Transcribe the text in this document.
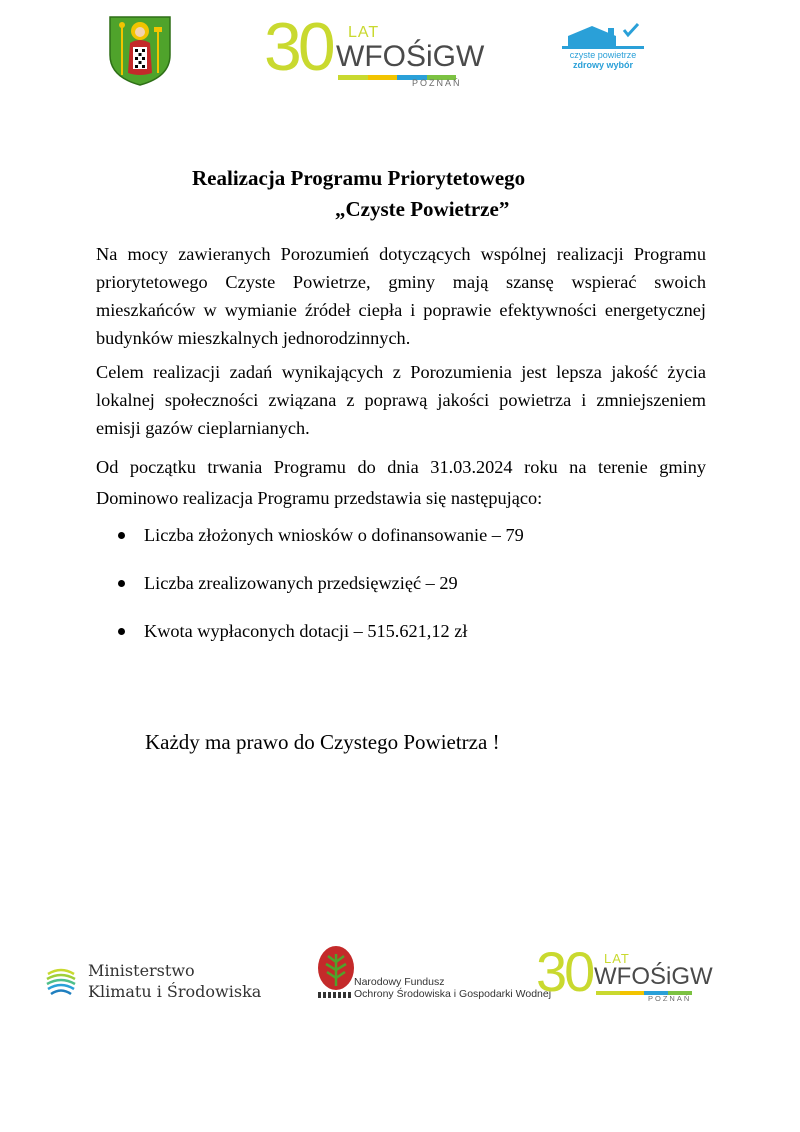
30 LAT
WFOŚiGW
POZNAŃ
czyste powietrze
zdrowy wybór
Realizacja Programu Priorytetowego
„Czyste Powietrze”
Na mocy zawieranych Porozumień dotyczących wspólnej realizacji Programu priorytetowego Czyste Powietrze, gminy mają szansę wspierać swoich mieszkańców w wymianie źródeł ciepła i poprawie efektywności energetycznej budynków mieszkalnych jednorodzinnych.
Celem realizacji zadań wynikających z Porozumienia jest lepsza jakość życia lokalnej społeczności związana z poprawą jakości powietrza i zmniejszeniem emisji gazów cieplarnianych.
Od początku trwania Programu do dnia 31.03.2024 roku na terenie gminy Dominowo realizacja Programu przedstawia się następująco:
Liczba złożonych wniosków o dofinansowanie – 79
Liczba zrealizowanych przedsięwzięć – 29
Kwota wypłaconych dotacji – 515.621,12 zł
Każdy ma prawo do Czystego Powietrza !
Ministerstwo
Klimatu i Środowiska	Narodowy Fundusz
Ochrony Środowiska i Gospodarki Wodnej
30 LAT
WFOŚiGW
POZNAŃ
